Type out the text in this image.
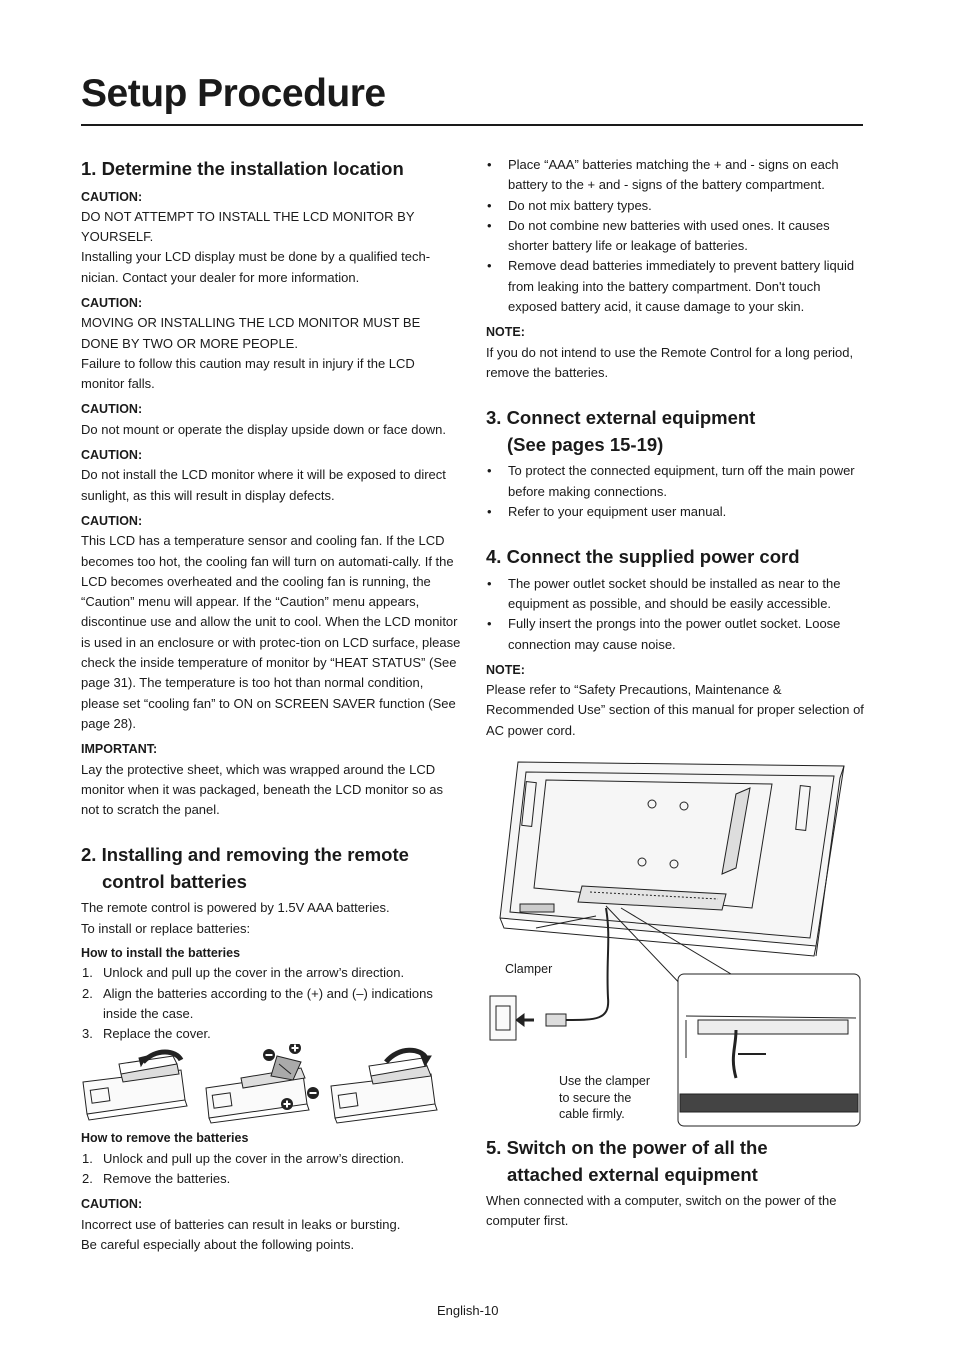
Setup Procedure
1. Determine the installation location
CAUTION:

DO NOT ATTEMPT TO INSTALL THE LCD MONITOR BY YOURSELF.

Installing your LCD display must be done by a qualified tech-nician. Contact your dealer for more information.

CAUTION:

MOVING OR INSTALLING THE LCD MONITOR MUST BE DONE BY TWO OR MORE PEOPLE.

Failure to follow this caution may result in injury if the LCD monitor falls.

CAUTION:

Do not mount or operate the display upside down or face down.

CAUTION:

Do not install the LCD monitor where it will be exposed to direct sunlight, as this will result in display defects.

CAUTION:

This LCD has a temperature sensor and cooling fan. If the LCD becomes too hot, the cooling fan will turn on automati-cally. If the LCD becomes overheated and the cooling fan is running, the “Caution” menu will appear. If the “Caution” menu appears, discontinue use and allow the unit to cool. When the LCD monitor is used in an enclosure or with protec-tion on LCD surface, please check the inside temperature of monitor by “HEAT STATUS” (See page 31). The temperature is too hot than normal condition, please set “cooling fan” to ON on SCREEN SAVER function (See page 28).

IMPORTANT:

Lay the protective sheet, which was wrapped around the LCD monitor when it was packaged, beneath the LCD monitor so as not to scratch the panel.

2. Installing and removing the remote
control batteries

The remote control is powered by 1.5V AAA batteries.

To install or replace batteries:

How to install the batteries
1. Unlock and pull up the cover in the arrow’s direction.
2. Align the batteries according to the (+) and (–) indications inside the case.
3. Replace the cover.
How to remove the batteries
1. Unlock and pull up the cover in the arrow’s direction.
2. Remove the batteries.
CAUTION:

Incorrect use of batteries can result in leaks or bursting.

Be careful especially about the following points.

• Place “AAA” batteries matching the + and - signs on each battery to the + and - signs of the battery compartment.
• Do not mix battery types.
• Do not combine new batteries with used ones. It causes shorter battery life or leakage of batteries.
• Remove dead batteries immediately to prevent battery liquid from leaking into the battery compartment. Don't touch exposed battery acid, it cause damage to your skin.
NOTE:

If you do not intend to use the Remote Control for a long period, remove the batteries.

3. Connect external equipment
(See pages 15-19)
• To protect the connected equipment, turn off the main power before making connections.
• Refer to your equipment user manual.
4. Connect the supplied power cord
• The power outlet socket should be installed as near to the equipment as possible, and should be easily accessible.
• Fully insert the prongs into the power outlet socket. Loose connection may cause noise.
NOTE:

Please refer to “Safety Precautions, Maintenance & Recommended Use” section of this manual for proper selection of AC power cord.

Clamper
Use the clamper
to secure the
cable firmly.
5. Switch on the power of all the
attached external equipment

When connected with a computer, switch on the power of the computer first.

English-10
